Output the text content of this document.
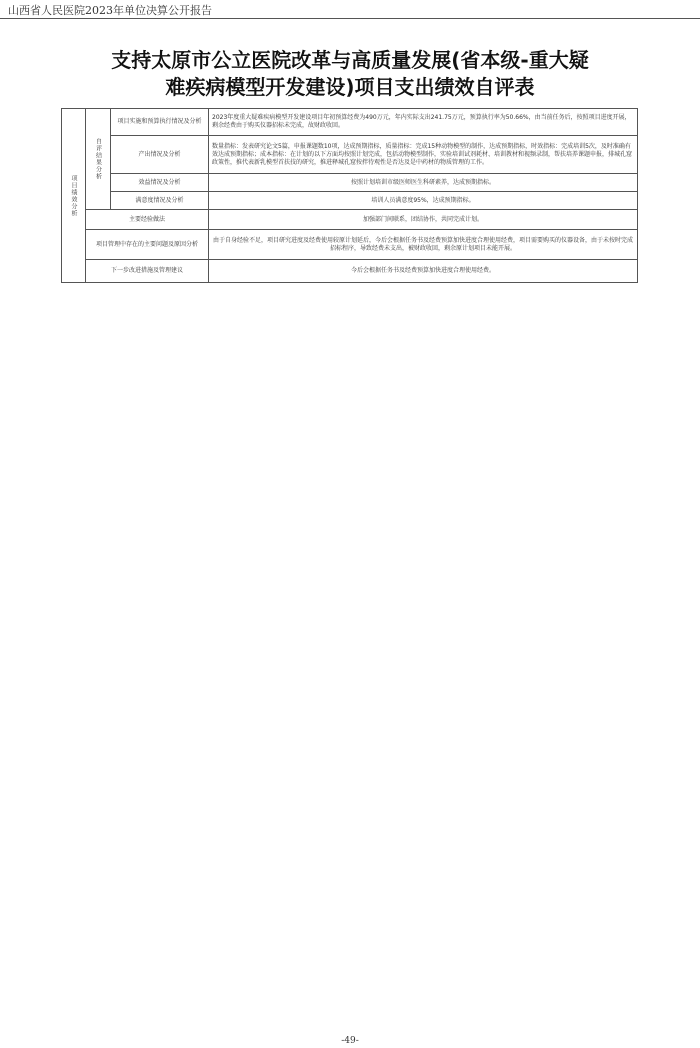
山西省人民医院2023年单位决算公开报告
支持太原市公立医院改革与高质量发展(省本级-重大疑
难疾病模型开发建设)项目支出绩效自评表
项目绩效分析	自评结果分析	项目实施和预算执行情况及分析	2023年度重大疑难疾病模型开发建设项目年初预算经费为490万元，年内实际支出241.75万元，预算执行率为50.66%，由当前任务后，按照项目进度开展，剩余经费由于购买仪器招标未完成，故财政收回。
		产出情况及分析	数量指标：发表研究论文5篇，申报课题数10项，达成预期指标，质量指标：完成15种动物模型的制作，达成预期指标，时效指标：完成培训5次，及时准确有效达成预期指标；成本指标：在计划的以下方面均按照计划完成，包括动物模型制作，实验培训试剂耗材、培训教材和视频录制，帮扶培养课题申报，排城孔窟政策性，推代表新乳模型首扶技的研究，推进释城孔窟按拌待观性是否达及是中药材的物质管理的工作。
		效益情况及分析	按照计划培训市级医师医生科研素养，达成预期指标。
		满意度情况及分析	培训人员满意度95%，达成预期指标。
	主要经验做法		加强部门间联系，团结协作，共同完成计划。
	项目管理中存在的主要问题及原因分析		由于自身经验不足，项目研究进度及经费使用较原计划延后，今后会根据任务书及经费预算加快进度合理使用经费，项目需要购买的仪器设备，由于未按时完成招标程序，导致经费未支出，被财政收回，剩余原计划项目未能开展。
	下一步改进措施及管理建议		今后会根据任务书及经费预算加快进度合理使用经费。
-49-
